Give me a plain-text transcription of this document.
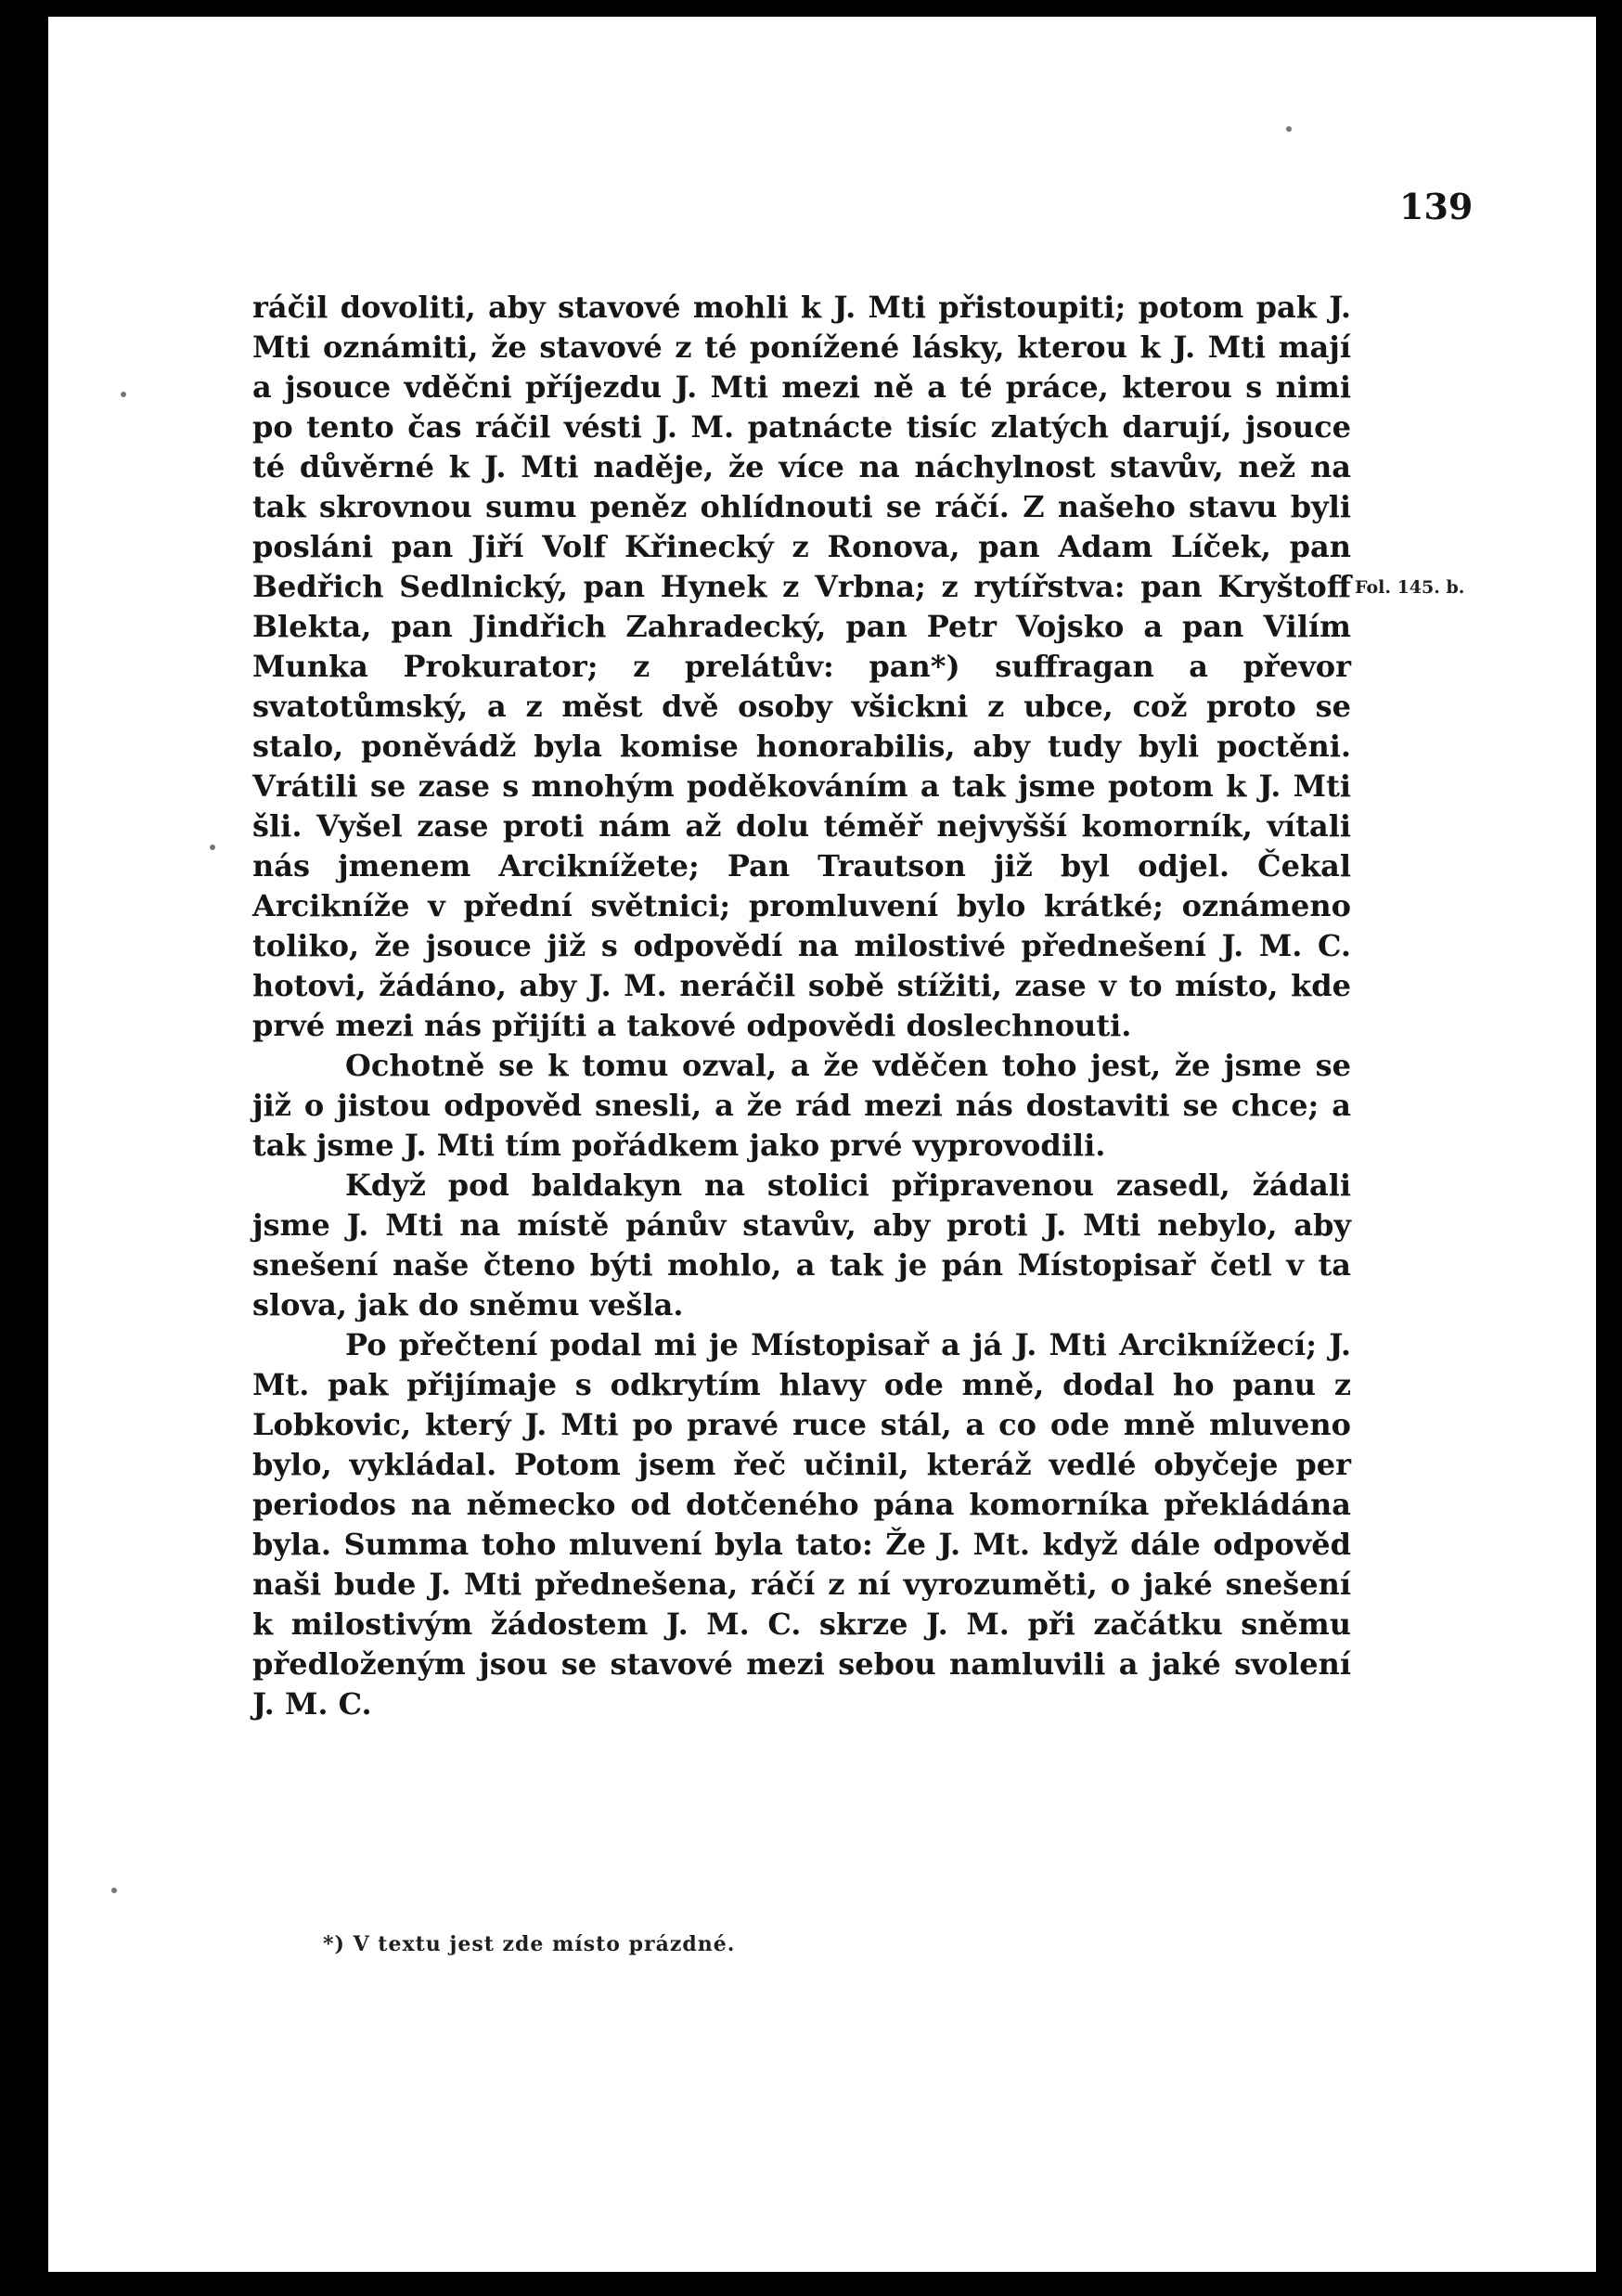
139

ráčil dovoliti, aby stavové mohli k J. Mti přistoupiti; potom pak J. Mti oznámiti, že stavové z té ponížené lásky, kterou k J. Mti mají a jsouce vděčni příjezdu J. Mti mezi ně a té práce, kterou s nimi po tento čas ráčil vésti J. M. patnácte tisíc zlatých darují, jsouce té důvěrné k J. Mti naděje, že více na náchylnost stavův, než na tak skrovnou sumu peněz ohlídnouti se ráčí. Z našeho stavu byli posláni pan Jiří Volf Křinecký z Ronova, pan Adam Líček, pan Bedřich Sedlnický, pan Hynek z Vrbna; z rytířstva: pan Kryštoff Blekta, pan Jindřich Zahradecký, pan Petr Vojsko a pan Vilím Munka Prokurator; z prelátův: pan*) suffragan a převor svatotůmský, a z měst dvě osoby všickni z ubce, což proto se stalo, poněvádž byla komise honorabilis, aby tudy byli poctěni. Vrátili se zase s mnohým poděkováním a tak jsme potom k J. Mti šli. Vyšel zase proti nám až dolu téměř nejvyšší komorník, vítali nás jmenem Arciknížete; Pan Trautson již byl odjel. Čekal Arcikníže v přední světnici; promluvení bylo krátké; oznámeno toliko, že jsouce již s odpovědí na milostivé přednešení J. M. C. hotovi, žádáno, aby J. M. neráčil sobě stížiti, zase v to místo, kde prvé mezi nás přijíti a takové odpovědi doslechnouti.

Ochotně se k tomu ozval, a že vděčen toho jest, že jsme se již o jistou odpověd snesli, a že rád mezi nás dostaviti se chce; a tak jsme J. Mti tím pořádkem jako prvé vyprovodili.

Když pod baldakyn na stolici připravenou zasedl, žádali jsme J. Mti na místě pánův stavův, aby proti J. Mti nebylo, aby snešení naše čteno býti mohlo, a tak je pán Místopisař četl v ta slova, jak do sněmu vešla.

Po přečtení podal mi je Místopisař a já J. Mti Arciknížecí; J. Mt. pak přijímaje s odkrytím hlavy ode mně, dodal ho panu z Lobkovic, který J. Mti po pravé ruce stál, a co ode mně mluveno bylo, vykládal. Potom jsem řeč učinil, kteráž vedlé obyčeje per periodos na německo od dotčeného pána komorníka překládána byla. Summa toho mluvení byla tato: Že J. Mt. když dále odpověd naši bude J. Mti přednešena, ráčí z ní vyrozuměti, o jaké snešení k milostivým žádostem J. M. C. skrze J. M. při začátku sněmu předloženým jsou se stavové mezi sebou namluvili a jaké svolení J. M. C.

Fol. 145. b.
*) V textu jest zde místo prázdné.
